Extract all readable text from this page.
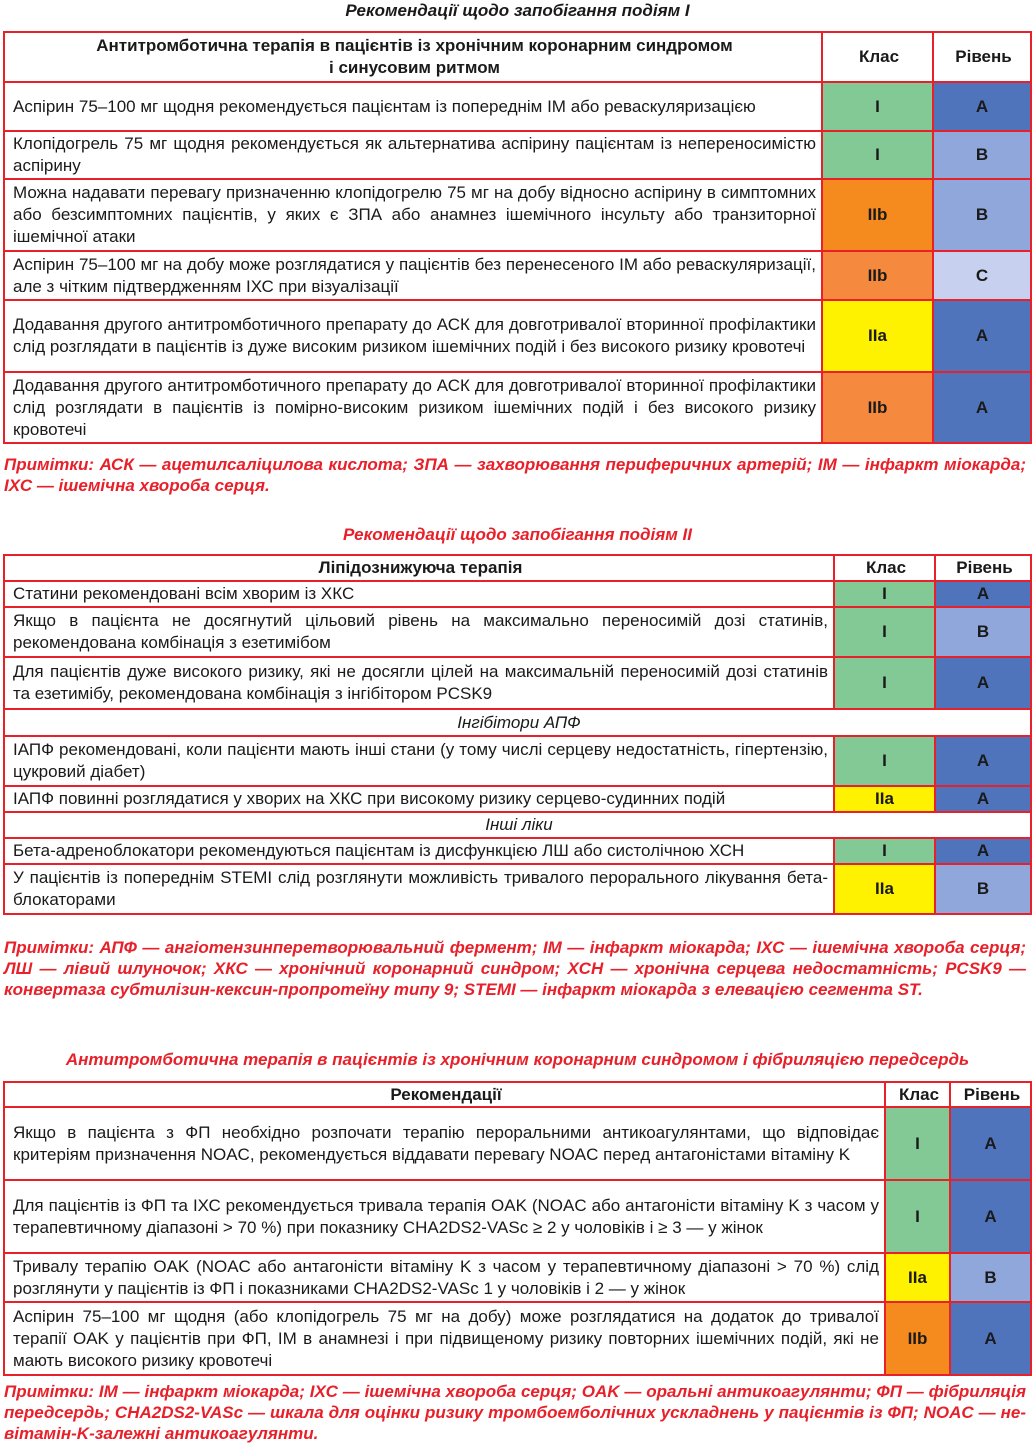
Рекомендації щодо запобігання подіям І
Антитромботична терапія в пацієнтів із хронічним коронарним синдромом
і синусовим ритмом	Клас	Рівень
Аспірин 75–100 мг щодня рекомендується пацієнтам із попереднім ІМ або реваскуляризацією	I	A
Клопідогрель 75 мг щодня рекомендується як альтернатива аспірину пацієнтам із непереносимістю аспірину	I	B
Можна надавати перевагу призначенню клопідогрелю 75 мг на добу відносно аспірину в симптомних або безсимптомних пацієнтів, у яких є ЗПА або анамнез ішемічного інсульту або транзиторної ішемічної атаки	IIb	B
Аспірин 75–100 мг на добу може розглядатися у пацієнтів без перенесеного ІМ або реваскуляризації, але з чітким підтвердженням ІХС при візуалізації	IIb	C
Додавання другого антитромботичного препарату до АСК для довготривалої вторинної профілактики слід розглядати в пацієнтів із дуже високим ризиком ішемічних подій і без високого ризику кровотечі	IIa	A
Додавання другого антитромботичного препарату до АСК для довготривалої вторинної профілактики слід розглядати в пацієнтів із помірно-високим ризиком ішемічних подій і без високого ризику кровотечі	IIb	A
Примітки: АСК — ацетилсаліцилова кислота; ЗПА — захворювання периферичних артерій; ІМ — інфаркт міокарда; ІХС — ішемічна хвороба серця.
Рекомендації щодо запобігання подіям ІІ
Ліпідознижуюча терапія	Клас	Рівень
Статини рекомендовані всім хворим із ХКС	I	A
Якщо в пацієнта не досягнутий цільовий рівень на максимально переносимій дозі статинів, рекомендована комбінація з езетимібом	I	B
Для пацієнтів дуже високого ризику, які не досягли цілей на максимальній переносимій дозі статинів та езетимібу, рекомендована комбінація з інгібітором PCSK9	I	A
Інгібітори АПФ		
ІАПФ рекомендовані, коли пацієнти мають інші стани (у тому числі серцеву недостатність, гіпертензію, цукровий діабет)	I	A
ІАПФ повинні розглядатися у хворих на ХКС при високому ризику серцево-судинних подій	IIa	A
Інші ліки		
Бета-адреноблокатори рекомендуються пацієнтам із дисфункцією ЛШ або систолічною ХСН	I	A
У пацієнтів із попереднім STEMI слід розглянути можливість тривалого перорального лікування бета-блокаторами	IIa	B
Примітки: АПФ — ангіотензинперетворювальний фермент; ІМ — інфаркт міокарда; ІХС — ішемічна хвороба серця; ЛШ — лівий шлуночок; ХКС — хронічний коронарний синдром; ХСН — хронічна серцева недостатність; PCSK9 — конвертаза субтилізин-кексин-пропротеїну типу 9; STEMI — інфаркт міокарда з елевацією сегмента ST.
Антитромботична терапія в пацієнтів із хронічним коронарним синдромом і фібриляцією передсердь
Рекомендації	Клас	Рівень
Якщо в пацієнта з ФП необхідно розпочати терапію пероральними антикоагулянтами, що відповідає критеріям призначення NOAC, рекомендується віддавати перевагу NOAC перед антагоністами вітаміну K	I	A
Для пацієнтів із ФП та ІХС рекомендується тривала терапія OAK (NOAC або антагоністи вітаміну K з часом у терапевтичному діапазоні > 70 %) при показнику CHA2DS2-VASc ≥ 2 у чоловіків і ≥ 3 — у жінок	I	A
Тривалу терапію OAK (NOAC або антагоністи вітаміну K з часом у терапевтичному діапазоні > 70 %) слід розглянути у пацієнтів із ФП і показниками CHA2DS2-VASc 1 у чоловіків і 2 — у жінок	IIa	B
Аспірин 75–100 мг щодня (або клопідогрель 75 мг на добу) може розглядатися на додаток до тривалої терапії OAK у пацієнтів при ФП, ІМ в анамнезі і при підвищеному ризику повторних ішемічних подій, які не мають високого ризику кровотечі	IIb	A
Примітки: ІМ — інфаркт міокарда; ІХС — ішемічна хвороба серця; OAK — оральні антикоагулянти; ФП — фібриляція передсердь; CHA2DS2-VASc — шкала для оцінки ризику тромбоемболічних ускладнень у пацієнтів із ФП; NOAC — не-вітамін-K-залежні антикоагулянти.
